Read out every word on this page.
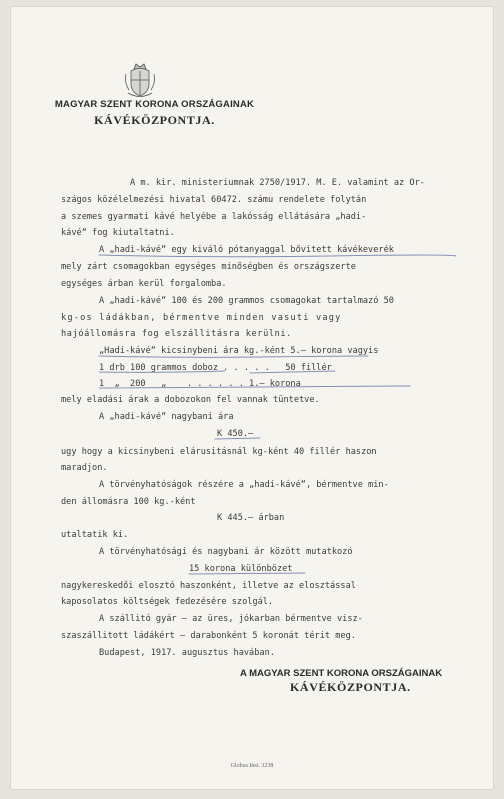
MAGYAR SZENT KORONA ORSZÁGAINAK
KÁVÉKÖZPONTJA.
A m. kir. ministeriumnak 2750/1917. M. E. valamint az Or-
szágos közélelmezési hivatal 60472. számu rendelete folytán
a szemes gyarmati kávé helyébe a lakósság ellátására „hadi-
kávé“ fog kiutaltatni.
A „hadi-kávé“ egy kiváló pótanyaggal bővitett kávékeverék
mely zárt csomagokban egységes minőségben és országszerte
egységes árban kerül forgalomba.
A „hadi-kávé“ 100 és 200 grammos csomagokat tartalmazó 50
kg-os ládákban, bérmentve minden vasuti vagy
hajóállomásra fog elszállitásra kerülni.
„Hadi-kávé“ kicsinybeni ára kg.-ként 5.— korona vagyis
1 drb 100 grammos doboz . . . . .   50 fillér
1  „  200   „    . . . . . . 1.— korona
mely eladási árak a dobozokon fel vannak tüntetve.
A „hadi-kávé“ nagybani ára
K 450.—
ugy hogy a kicsinybeni elárusitásnál kg-ként 40 fillér haszon
maradjon.
A törvényhatóságok részére a „hadi-kávé“, bérmentve min-
den állomásra 100 kg.-ként
K 445.— árban
utaltatik ki.
A törvényhatósági és nagybani ár között mutatkozó
15 korona különbözet
nagykereskedői elosztó haszonként, illetve az elosztással
kaposolatos költségek fedezésére szolgál.
A szállitó gyár — az üres, jókarban bérmentve visz-
szaszállitott ládákért — darabonként 5 koronát térit meg.
Budapest, 1917. augusztus havában.
A MAGYAR SZENT KORONA ORSZÁGAINAK
KÁVÉKÖZPONTJA.
Globus Inst. 3238
